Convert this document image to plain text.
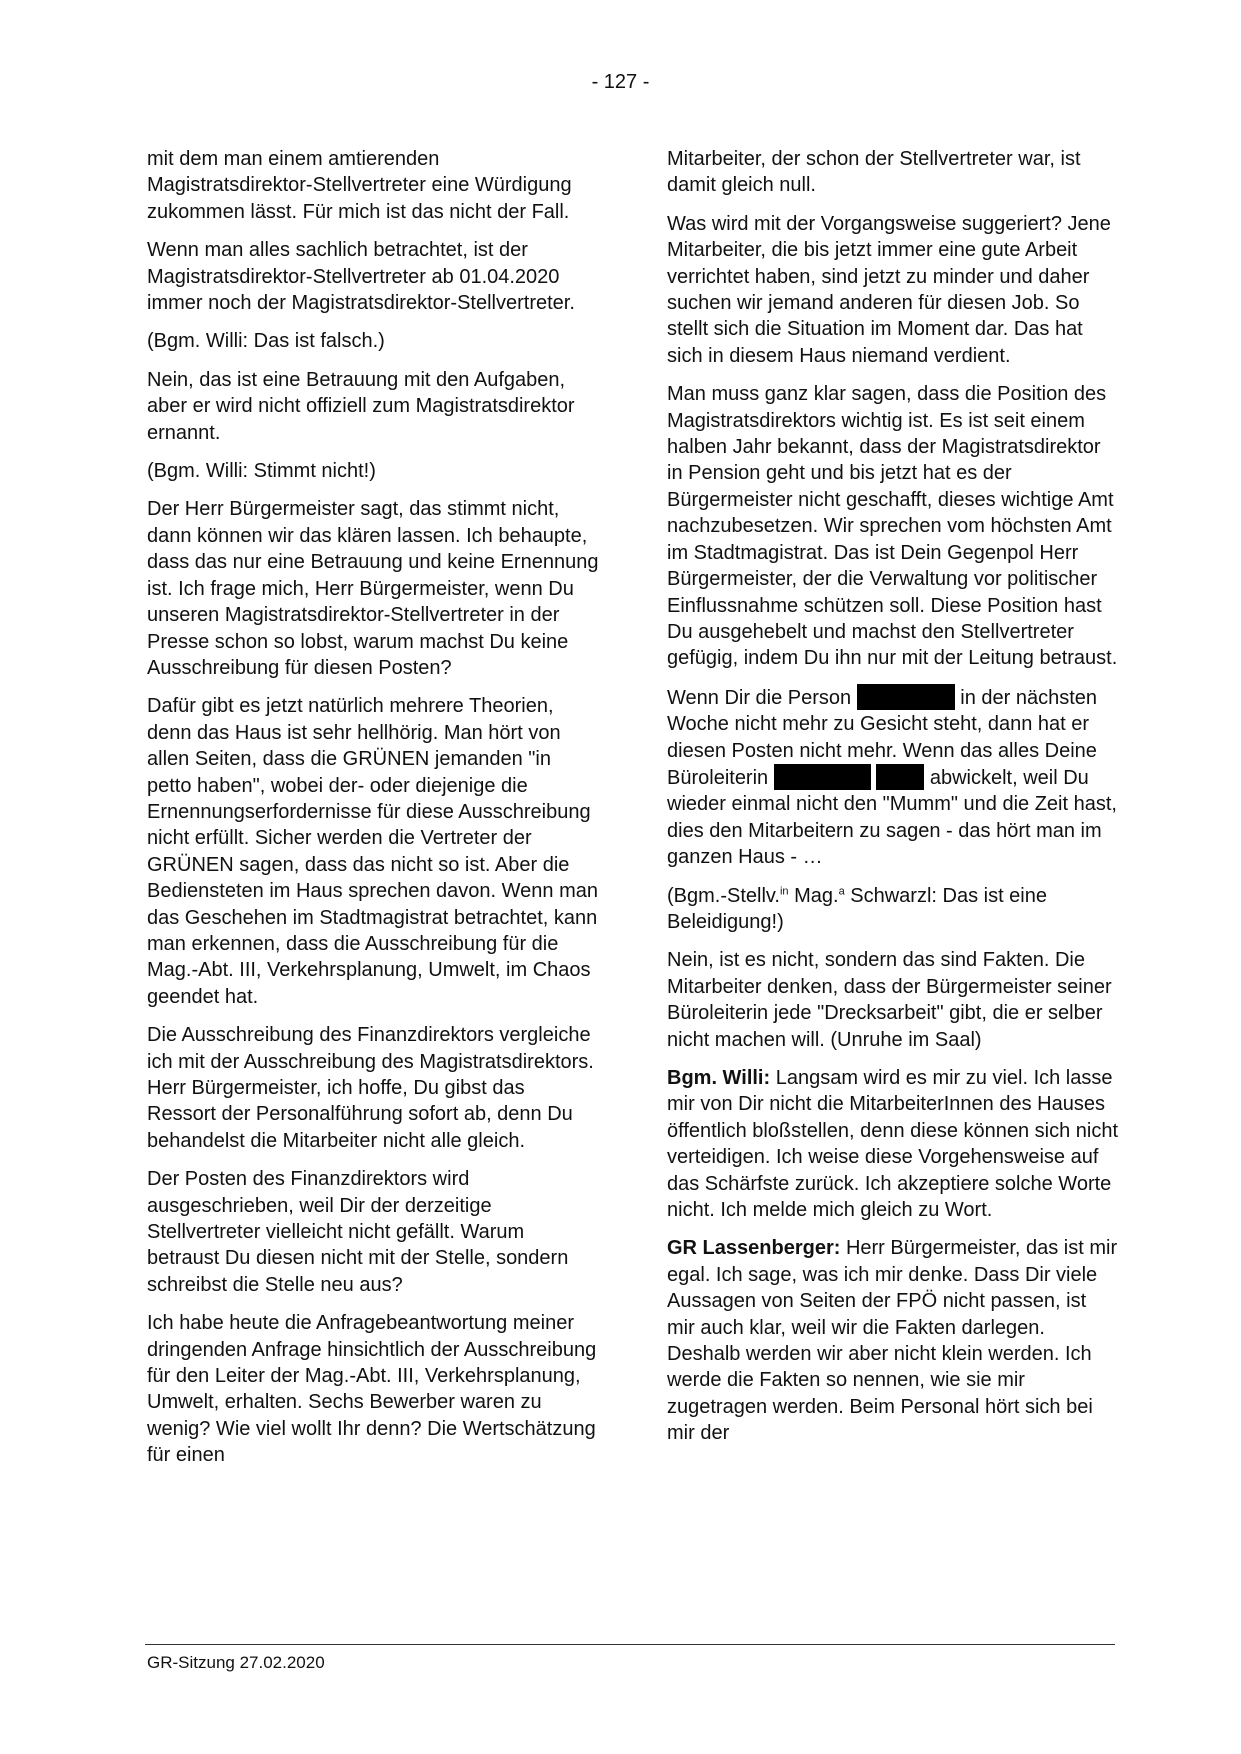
- 127 -

mit dem man einem amtierenden Magistratsdirektor-Stellvertreter eine Würdigung zukommen lässt. Für mich ist das nicht der Fall.

Wenn man alles sachlich betrachtet, ist der Magistratsdirektor-Stellvertreter ab 01.04.2020 immer noch der Magistratsdirektor-Stellvertreter.

(Bgm. Willi: Das ist falsch.)

Nein, das ist eine Betrauung mit den Aufgaben, aber er wird nicht offiziell zum Magistratsdirektor ernannt.

(Bgm. Willi: Stimmt nicht!)

Der Herr Bürgermeister sagt, das stimmt nicht, dann können wir das klären lassen. Ich behaupte, dass das nur eine Betrauung und keine Ernennung ist. Ich frage mich, Herr Bürgermeister, wenn Du unseren Magistratsdirektor-Stellvertreter in der Presse schon so lobst, warum machst Du keine Ausschreibung für diesen Posten?

Dafür gibt es jetzt natürlich mehrere Theorien, denn das Haus ist sehr hellhörig. Man hört von allen Seiten, dass die GRÜNEN jemanden "in petto haben", wobei der- oder diejenige die Ernennungserfordernisse für diese Ausschreibung nicht erfüllt. Sicher werden die Vertreter der GRÜNEN sagen, dass das nicht so ist. Aber die Bediensteten im Haus sprechen davon. Wenn man das Geschehen im Stadtmagistrat betrachtet, kann man erkennen, dass die Ausschreibung für die Mag.-Abt. III, Verkehrsplanung, Umwelt, im Chaos geendet hat.

Die Ausschreibung des Finanzdirektors vergleiche ich mit der Ausschreibung des Magistratsdirektors. Herr Bürgermeister, ich hoffe, Du gibst das Ressort der Personalführung sofort ab, denn Du behandelst die Mitarbeiter nicht alle gleich.

Der Posten des Finanzdirektors wird ausgeschrieben, weil Dir der derzeitige Stellvertreter vielleicht nicht gefällt. Warum betraust Du diesen nicht mit der Stelle, sondern schreibst die Stelle neu aus?

Ich habe heute die Anfragebeantwortung meiner dringenden Anfrage hinsichtlich der Ausschreibung für den Leiter der Mag.-Abt. III, Verkehrsplanung, Umwelt, erhalten. Sechs Bewerber waren zu wenig? Wie viel wollt Ihr denn? Die Wertschätzung für einen

Mitarbeiter, der schon der Stellvertreter war, ist damit gleich null.

Was wird mit der Vorgangsweise suggeriert? Jene Mitarbeiter, die bis jetzt immer eine gute Arbeit verrichtet haben, sind jetzt zu minder und daher suchen wir jemand anderen für diesen Job. So stellt sich die Situation im Moment dar. Das hat sich in diesem Haus niemand verdient.

Man muss ganz klar sagen, dass die Position des Magistratsdirektors wichtig ist. Es ist seit einem halben Jahr bekannt, dass der Magistratsdirektor in Pension geht und bis jetzt hat es der Bürgermeister nicht geschafft, dieses wichtige Amt nachzubesetzen. Wir sprechen vom höchsten Amt im Stadtmagistrat. Das ist Dein Gegenpol Herr Bürgermeister, der die Verwaltung vor politischer Einflussnahme schützen soll. Diese Position hast Du ausgehebelt und machst den Stellvertreter gefügig, indem Du ihn nur mit der Leitung betraust.

Wenn Dir die Person	in der nächsten Woche nicht mehr zu Gesicht steht, dann hat er diesen Posten nicht mehr. Wenn das alles Deine Büroleiterin	abwickelt, weil Du wieder einmal nicht den "Mumm" und die Zeit hast, dies den Mitarbeitern zu sagen - das hört man im ganzen Haus - …

(Bgm.-Stellv.$^{in}$ Mag.$^a$ Schwarzl: Das ist eine Beleidigung!)

Nein, ist es nicht, sondern das sind Fakten. Die Mitarbeiter denken, dass der Bürgermeister seiner Büroleiterin jede "Drecksarbeit" gibt, die er selber nicht machen will. (Unruhe im Saal)

Bgm. Willi: Langsam wird es mir zu viel. Ich lasse mir von Dir nicht die MitarbeiterInnen des Hauses öffentlich bloßstellen, denn diese können sich nicht verteidigen. Ich weise diese Vorgehensweise auf das Schärfste zurück. Ich akzeptiere solche Worte nicht. Ich melde mich gleich zu Wort.

GR Lassenberger: Herr Bürgermeister, das ist mir egal. Ich sage, was ich mir denke. Dass Dir viele Aussagen von Seiten der FPÖ nicht passen, ist mir auch klar, weil wir die Fakten darlegen. Deshalb werden wir aber nicht klein werden. Ich werde die Fakten so nennen, wie sie mir zugetragen werden. Beim Personal hört sich bei mir der

GR-Sitzung 27.02.2020
